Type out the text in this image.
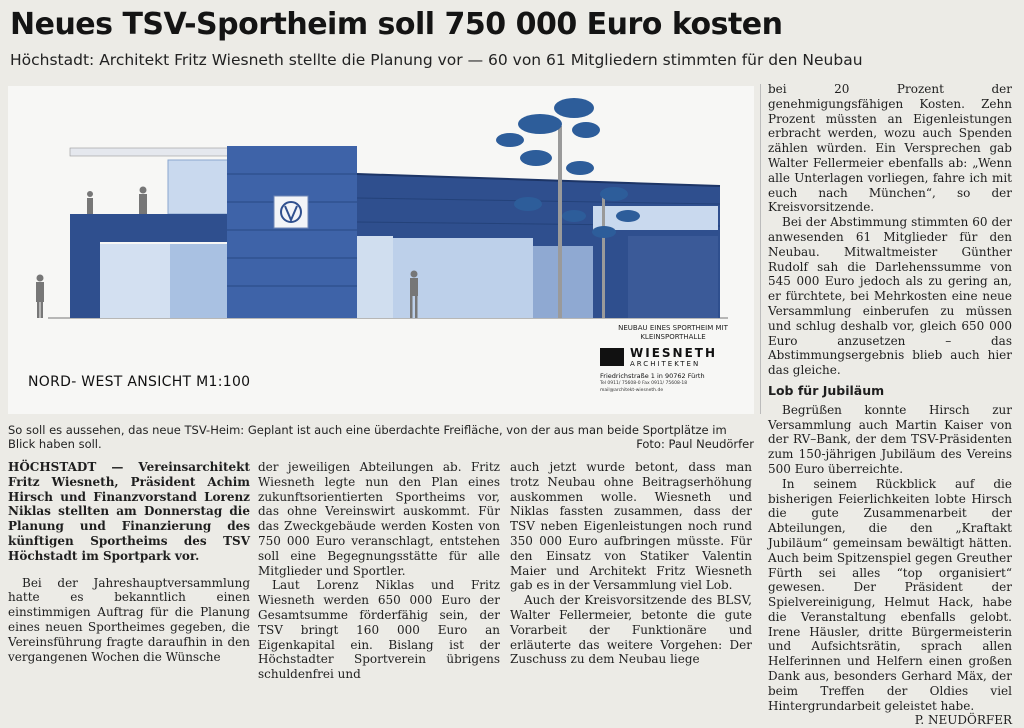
Neues TSV-Sportheim soll 750 000 Euro kosten
Höchstadt: Architekt Fritz Wiesneth stellte die Planung vor — 60 von 61 Mitgliedern stimmten für den Neubau
NORD- WEST ANSICHT M1:100
NEUBAU EINES SPORTHEIM MIT KLEINSPORTHALLE
WIESNETH
ARCHITEKTEN
Friedrichstraße 1 in 90762 Fürth
Tel 0911/ 75608-0 Fax 0911/ 75608-18
mail@architekt-wiesneth.de
So soll es aussehen, das neue TSV-Heim: Geplant ist auch eine überdachte Freifläche, von der aus man beide Sportplätze im Blick haben soll.	Foto: Paul Neudörfer

HÖCHSTADT — Vereinsarchitekt Fritz Wiesneth, Präsident Achim Hirsch und Finanzvorstand Lorenz Niklas stellten am Donnerstag die Planung und Finanzierung des künftigen Sportheims des TSV Höchstadt im Sportpark vor.

Bei der Jahreshauptversammlung hatte es bekanntlich einen einstimmigen Auftrag für die Planung eines neuen Sportheimes gegeben, die Vereinsführung fragte daraufhin in den vergangenen Wochen die Wünsche

der jeweiligen Abteilungen ab. Fritz Wiesneth legte nun den Plan eines zukunftsorientierten Sportheims vor, das ohne Vereinswirt auskommt. Für das Zweckgebäude werden Kosten von 750 000 Euro veranschlagt, entstehen soll eine Begegnungsstätte für alle Mitglieder und Sportler.

Laut Lorenz Niklas und Fritz Wiesneth werden 650 000 Euro der Gesamtsumme förderfähig sein, der TSV bringt 160 000 Euro an Eigenkapital ein. Bislang ist der Höchstadter Sportverein übrigens schuldenfrei und

auch jetzt wurde betont, dass man trotz Neubau ohne Beitragserhöhung auskommen wolle. Wiesneth und Niklas fassten zusammen, dass der TSV neben Eigenleistungen noch rund 350 000 Euro aufbringen müsste. Für den Einsatz von Statiker Valentin Maier und Architekt Fritz Wiesneth gab es in der Versammlung viel Lob.

Auch der Kreisvorsitzende des BLSV, Walter Fellermeier, betonte die gute Vorarbeit der Funktionäre und erläuterte das weitere Vorgehen: Der Zuschuss zu dem Neubau liege

bei 20 Prozent der genehmigungsfähigen Kosten. Zehn Prozent müssten an Eigenleistungen erbracht werden, wozu auch Spenden zählen würden. Ein Versprechen gab Walter Fellermeier ebenfalls ab: „Wenn alle Unterlagen vorliegen, fahre ich mit euch nach München“, so der Kreisvorsitzende.

Bei der Abstimmung stimmten 60 der anwesenden 61 Mitglieder für den Neubau. Mitwaltmeister Günther Rudolf sah die Darlehenssumme von 545 000 Euro jedoch als zu gering an, er fürchtete, bei Mehrkosten eine neue Versammlung einberufen zu müssen und schlug deshalb vor, gleich 650 000 Euro anzusetzen – das Abstimmungsergebnis blieb auch hier das gleiche.

Lob für Jubiläum

Begrüßen konnte Hirsch zur Versammlung auch Martin Kaiser von der RV–Bank, der dem TSV-Präsidenten zum 150-jährigen Jubiläum des Vereins 500 Euro überreichte.

In seinem Rückblick auf die bisherigen Feierlichkeiten lobte Hirsch die gute Zusammenarbeit der Abteilungen, die den „Kraftakt Jubiläum“ gemeinsam bewältigt hätten. Auch beim Spitzenspiel gegen Greuther Fürth sei alles “top organisiert“ gewesen. Der Präsident der Spielvereinigung, Helmut Hack, habe die Veranstaltung ebenfalls gelobt. Irene Häusler, dritte Bürgermeisterin und Aufsichtsrätin, sprach allen Helferinnen und Helfern einen großen Dank aus, besonders Gerhard Mäx, der beim Treffen der Oldies viel Hintergrundarbeit geleistet habe.
P. NEUDÖRFER
